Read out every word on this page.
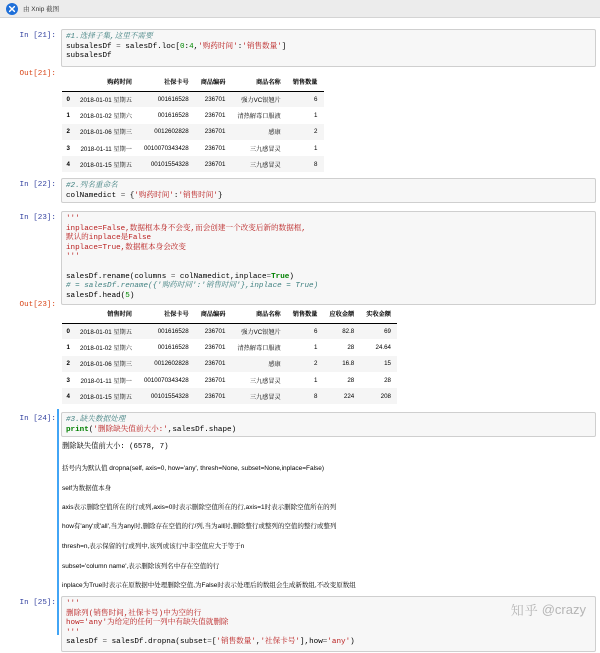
由 Xnip 截图
In [21]: #1.选择子集,这里不需要
subsalesDf = salesDf.loc[0:4,'购药时间':'销售数量']
subsalesDf
Out[21]:
	购药时间	社保卡号	商品编码	商品名称	销售数量
0	2018-01-01 星期五	001616528	236701	强力VC银翘片	6
1	2018-01-02 星期六	001616528	236701	清热解毒口服液	1
2	2018-01-06 星期三	0012602828	236701	感康	2
3	2018-01-11 星期一	0010070343428	236701	三九感冒灵	1
4	2018-01-15 星期五	00101554328	236701	三九感冒灵	8
In [22]: #2.列名重命名
colNamedict = {'购药时间':'销售时间'}
In [23]: '''
inplace=False,数据框本身不会变,而会创建一个改变后新的数据框,
默认的inplace是False
inplace=True,数据框本身会改变
'''
salesDf.rename(columns = colNamedict,inplace=True)
# = salesDf.rename({'购药时间':'销售时间'},inplace = True)
salesDf.head(5)
Out[23]:
	销售时间	社保卡号	商品编码	商品名称	销售数量	应收金额	实收金额
0	2018-01-01 星期五	001616528	236701	强力VC银翘片	6	82.8	69
1	2018-01-02 星期六	001616528	236701	清热解毒口服液	1	28	24.64
2	2018-01-06 星期三	0012602828	236701	感康	2	16.8	15
3	2018-01-11 星期一	0010070343428	236701	三九感冒灵	1	28	28
4	2018-01-15 星期五	00101554328	236701	三九感冒灵	8	224	208
In [24]: #3.缺失数据处理
print('删除缺失值前大小:',salesDf.shape)
删除缺失值前大小: (6578, 7)
括号内为默认值 dropna(self, axis=0, how='any', thresh=None, subset=None,inplace=False)
self为数据值本身
axis表示删除空值所在的行或列,axis=0时表示删除空值所在的行,axis=1时表示删除空值所在的列
how有'any'或'all',当为any时,删除存在空值的行/列,当为all时,删除整行或整列的空值的整行或整列
thresh=n,表示保留的行或列中,该列或该行中非空值应大于等于n
subset='column name',表示删除该列名中存在空值的行
inplace为True时表示在原数据中处理删除空值,为False时表示处理后的数组会生成新数组,不改变原数组
In [25]: '''
删除列(销售时间,社保卡号)中为空的行
how='any'为给定的任何一列中有缺失值就删除
'''
salesDf = salesDf.dropna(subset=['销售数量','社保卡号'],how='any')
知乎 @crazy
